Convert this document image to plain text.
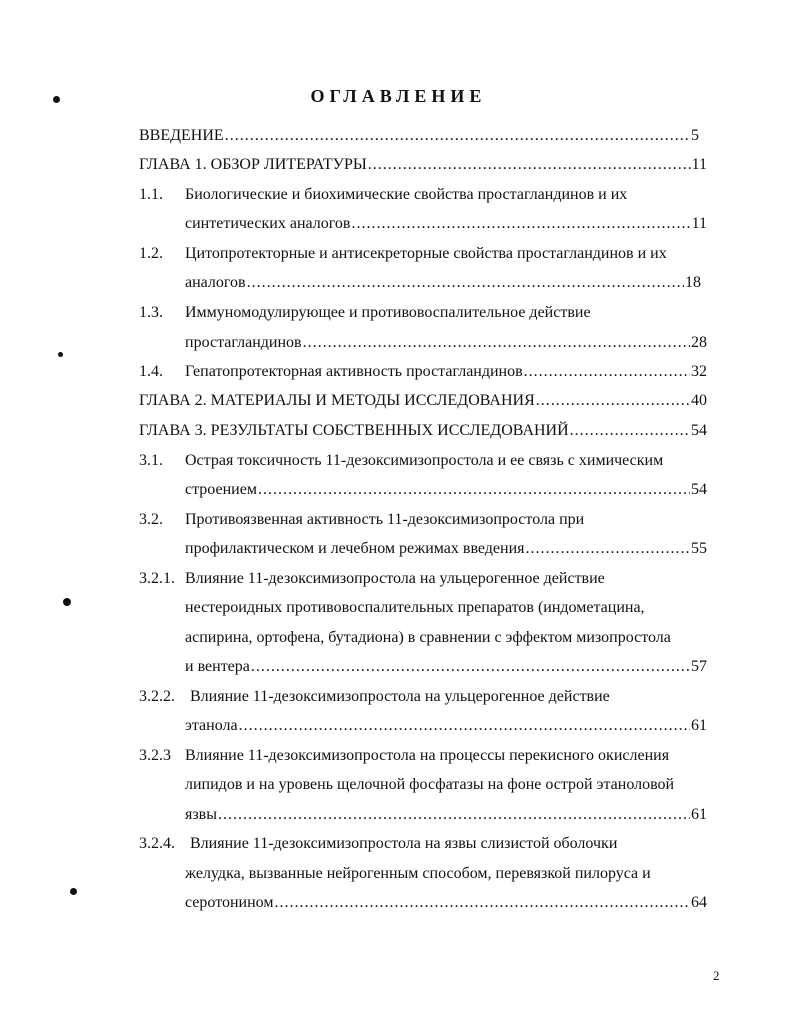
ОГЛАВЛЕНИЕ
ВВЕДЕНИЕ .....	5
ГЛАВА 1. ОБЗОР ЛИТЕРАТУРЫ .....	11
1.1. Биологические и биохимические свойства простагландинов и их
синтетических аналогов .....	11
1.2. Цитопротекторные и антисекреторные свойства простагландинов и их
аналогов .....	18
1.3. Иммуномодулирующее и противовоспалительное действие
простагландинов .....	28
1.4. Гепатопротекторная активность простагландинов .....	32
ГЛАВА 2. МАТЕРИАЛЫ И МЕТОДЫ ИССЛЕДОВАНИЯ .....	40
ГЛАВА 3. РЕЗУЛЬТАТЫ СОБСТВЕННЫХ ИССЛЕДОВАНИЙ .....	54
3.1. Острая токсичность 11-дезоксимизопростола и ее связь с химическим
строением .....	54
3.2. Противоязвенная активность 11-дезоксимизопростола при
профилактическом и лечебном режимах введения .....	55
3.2.1. Влияние 11-дезоксимизопростола на ульцерогенное действие
нестероидных противовоспалительных препаратов (индометацина,
аспирина, ортофена, бутадиона) в сравнении с эффектом мизопростола
и вентера .....	57
3.2.2. Влияние 11-дезоксимизопростола на ульцерогенное действие
этанола .....	61
3.2.3 Влияние 11-дезоксимизопростола на процессы перекисного окисления
липидов и на уровень щелочной фосфатазы на фоне острой этаноловой
язвы .....	61
3.2.4. Влияние 11-дезоксимизопростола на язвы слизистой оболочки
желудка, вызванные нейрогенным способом, перевязкой пилоруса и
серотонином .....	64
2
